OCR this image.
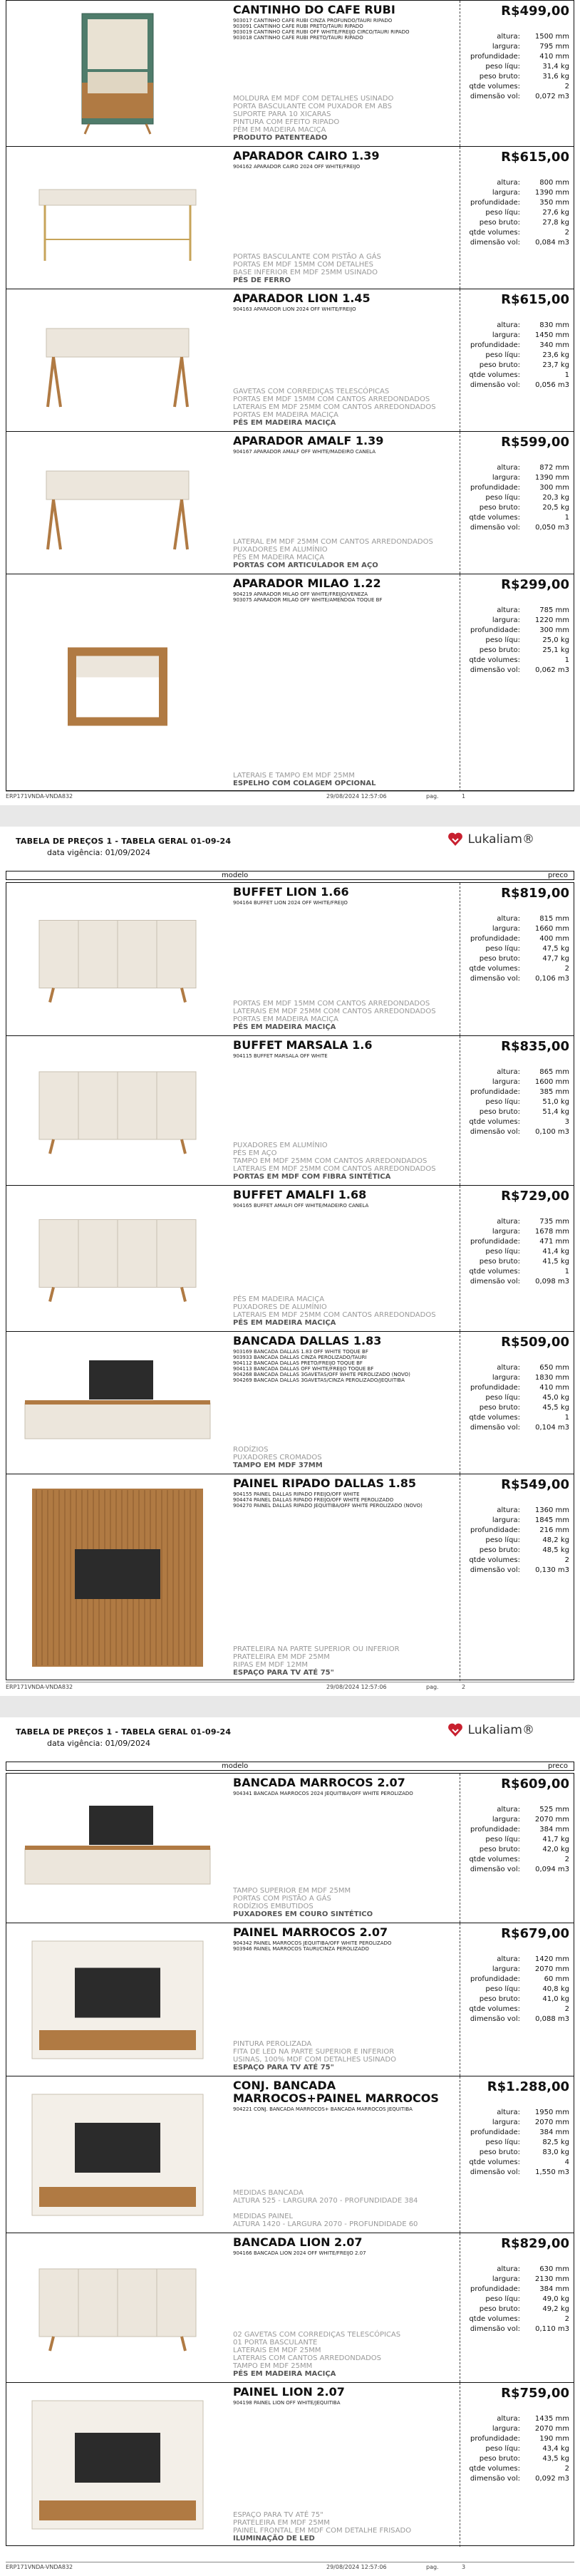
CANTINHO DO CAFE RUBI
903017 CANTINHO CAFE RUBI CINZA PROFUNDO/TAURI RIPADO
903091 CANTINHO CAFE RUBI PRETO/TAURI RIPADO
903019 CANTINHO CAFE RUBI OFF WHITE/FREIJO CIRCO/TAURI RIPADO
903018 CANTINHO CAFE RUBI PRETO/TAURI RIPADO
MOLDURA EM MDF COM DETALHES USINADO
PORTA BASCULANTE COM PUXADOR EM ABS
SUPORTE PARA 10 XICARAS
PINTURA COM EFEITO RIPADO
PÉM EM MADEIRA MACIÇA
PRODUTO PATENTEADO
R$499,00
altura:	1500 mm
largura:	795 mm
profundidade:	410 mm
peso líqu:	31,4 kg
peso bruto:	31,6 kg
qtde volumes:	2
dimensão vol:	0,072 m3
APARADOR CAIRO 1.39
904162 APARADOR CAIRO 2024 OFF WHITE/FREIJO
PORTAS BASCULANTE COM PISTÃO A GÁS
PORTAS EM MDF 15MM COM DETALHES
BASE INFERIOR EM MDF 25MM USINADO
PÉS DE FERRO
R$615,00
altura:	800 mm
largura:	1390 mm
profundidade:	350 mm
peso líqu:	27,6 kg
peso bruto:	27,8 kg
qtde volumes:	2
dimensão vol:	0,084 m3
APARADOR LION 1.45
904163 APARADOR LION 2024 OFF WHITE/FREIJO
GAVETAS COM CORREDIÇAS TELESCÓPICAS
PORTAS EM MDF 15MM COM CANTOS ARREDONDADOS
LATERAIS EM MDF 25MM COM CANTOS ARREDONDADOS
PORTAS EM MADEIRA MACIÇA
PÉS EM MADEIRA MACIÇA
R$615,00
altura:	830 mm
largura:	1450 mm
profundidade:	340 mm
peso líqu:	23,6 kg
peso bruto:	23,7 kg
qtde volumes:	1
dimensão vol:	0,056 m3
APARADOR AMALF 1.39
904167 APARADOR AMALF OFF WHITE/MADEIRO CANELA
LATERAL EM MDF 25MM COM CANTOS ARREDONDADOS
PUXADORES EM ALUMÍNIO
PÉS EM MADEIRA MACIÇA
PORTAS COM ARTICULADOR EM AÇO
R$599,00
altura:	872 mm
largura:	1390 mm
profundidade:	300 mm
peso líqu:	20,3 kg
peso bruto:	20,5 kg
qtde volumes:	1
dimensão vol:	0,050 m3
APARADOR MILAO 1.22
904219 APARADOR MILAO OFF WHITE/FREIJO/VENEZA
903075 APARADOR MILAO OFF WHITE/AMENDOA TOQUE BF
LATERAIS E TAMPO EM MDF 25MM
ESPELHO COM COLAGEM OPCIONAL
R$299,00
altura:	785 mm
largura:	1220 mm
profundidade:	300 mm
peso líqu:	25,0 kg
peso bruto:	25,1 kg
qtde volumes:	1
dimensão vol:	0,062 m3
ERP171VNDA-VNDA832	29/08/2024 12:57:06	pag.	1
TABELA DE PREÇOS 1 - TABELA GERAL 01-09-24
data vigência: 01/09/2024
Lukaliam®
modelo	preco
BUFFET LION 1.66
904164 BUFFET LION 2024 OFF WHITE/FREIJO
PORTAS EM MDF 15MM COM CANTOS ARREDONDADOS
LATERAIS EM MDF 25MM COM CANTOS ARREDONDADOS
PORTAS EM MADEIRA MACIÇA
PÉS EM MADEIRA MACIÇA
R$819,00
altura:	815 mm
largura:	1660 mm
profundidade:	400 mm
peso líqu:	47,5 kg
peso bruto:	47,7 kg
qtde volumes:	2
dimensão vol:	0,106 m3
BUFFET MARSALA 1.6
904115 BUFFET MARSALA OFF WHITE
PUXADORES EM ALUMÍNIO
PÉS EM AÇO
TAMPO EM MDF 25MM COM CANTOS ARREDONDADOS
LATERAIS EM MDF 25MM COM CANTOS ARREDONDADOS
PORTAS EM MDF COM FIBRA SINTÉTICA
R$835,00
altura:	865 mm
largura:	1600 mm
profundidade:	385 mm
peso líqu:	51,0 kg
peso bruto:	51,4 kg
qtde volumes:	3
dimensão vol:	0,100 m3
BUFFET AMALFI 1.68
904165 BUFFET AMALFI OFF WHITE/MADEIRO CANELA
PÉS EM MADEIRA MACIÇA
PUXADORES DE ALUMÍNIO
LATERAIS EM MDF 25MM COM CANTOS ARREDONDADOS
PÉS EM MADEIRA MACIÇA
R$729,00
altura:	735 mm
largura:	1678 mm
profundidade:	471 mm
peso líqu:	41,4 kg
peso bruto:	41,5 kg
qtde volumes:	1
dimensão vol:	0,098 m3
BANCADA DALLAS 1.83
903169 BANCADA DALLAS 1.83 OFF WHITE TOQUE BF
903933 BANCADA DALLAS CINZA PEROLIZADO/TAURI
904112 BANCADA DALLAS PRETO/FREIJO TOQUE BF
904113 BANCADA DALLAS OFF WHITE/FREIJO TOQUE BF
904268 BANCADA DALLAS 3GAVETAS/OFF WHITE PEROLIZADO (NOVO)
904269 BANCADA DALLAS 3GAVETAS/CINZA PEROLIZADO/JEQUITIBA
RODÍZIOS
PUXADORES CROMADOS
TAMPO EM MDF 37MM
R$509,00
altura:	650 mm
largura:	1830 mm
profundidade:	410 mm
peso líqu:	45,0 kg
peso bruto:	45,5 kg
qtde volumes:	1
dimensão vol:	0,104 m3
PAINEL RIPADO DALLAS 1.85
904155 PAINEL DALLAS RIPADO FREIJO/OFF WHITE
904474 PAINEL DALLAS RIPADO FREIJO/OFF WHITE PEROLIZADO
904270 PAINEL DALLAS RIPADO JEQUITIBA/OFF WHITE PEROLIZADO (NOVO)
PRATELEIRA NA PARTE SUPERIOR OU INFERIOR
PRATELEIRA EM MDF 25MM
RIPAS EM MDF 12MM
ESPAÇO PARA TV ATÉ 75"
R$549,00
altura:	1360 mm
largura:	1845 mm
profundidade:	216 mm
peso líqu:	48,2 kg
peso bruto:	48,5 kg
qtde volumes:	2
dimensão vol:	0,130 m3
ERP171VNDA-VNDA832	29/08/2024 12:57:06	pag.	2
TABELA DE PREÇOS 1 - TABELA GERAL 01-09-24
data vigência: 01/09/2024
Lukaliam®
modelo	preco
BANCADA MARROCOS 2.07
904341 BANCADA MARROCOS 2024 JEQUITIBA/OFF WHITE PEROLIZADO
TAMPO SUPERIOR EM MDF 25MM
PORTAS COM PISTÃO A GÁS
RODÍZIOS EMBUTIDOS
PUXADORES EM COURO SINTÉTICO
R$609,00
altura:	525 mm
largura:	2070 mm
profundidade:	384 mm
peso líqu:	41,7 kg
peso bruto:	42,0 kg
qtde volumes:	2
dimensão vol:	0,094 m3
PAINEL MARROCOS 2.07
904342 PAINEL MARROCOS JEQUITIBA/OFF WHITE PEROLIZADO
903946 PAINEL MARROCOS TAURI/CINZA PEROLIZADO
PINTURA PEROLIZADA
FITA DE LED NA PARTE SUPERIOR E INFERIOR
USINAS, 100% MDF COM DETALHES USINADO
ESPAÇO PARA TV ATÉ 75"
R$679,00
altura:	1420 mm
largura:	2070 mm
profundidade:	60 mm
peso líqu:	40,8 kg
peso bruto:	41,0 kg
qtde volumes:	2
dimensão vol:	0,088 m3
CONJ. BANCADA MARROCOS+PAINEL MARROCOS
904221 CONJ. BANCADA MARROCOS+ BANCADA MARROCOS JEQUITIBA
MEDIDAS BANCADA
ALTURA 525 - LARGURA 2070 - PROFUNDIDADE 384

MEDIDAS PAINEL
ALTURA 1420 - LARGURA 2070 - PROFUNDIDADE 60
R$1.288,00
altura:	1950 mm
largura:	2070 mm
profundidade:	384 mm
peso líqu:	82,5 kg
peso bruto:	83,0 kg
qtde volumes:	4
dimensão vol:	1,550 m3
BANCADA LION 2.07
904166 BANCADA LION 2024 OFF WHITE/FREIJO 2.07
02 GAVETAS COM CORREDIÇAS TELESCÓPICAS
01 PORTA BASCULANTE
LATERAIS EM MDF 25MM
LATERAIS COM CANTOS ARREDONDADOS
TAMPO EM MDF 25MM
PÉS EM MADEIRA MACIÇA
R$829,00
altura:	630 mm
largura:	2130 mm
profundidade:	384 mm
peso líqu:	49,0 kg
peso bruto:	49,2 kg
qtde volumes:	2
dimensão vol:	0,110 m3
PAINEL LION 2.07
904198 PAINEL LION OFF WHITE/JEQUITIBA
ESPAÇO PARA TV ATÉ 75"
PRATELEIRA EM MDF 25MM
PAINEL FRONTAL EM MDF COM DETALHE FRISADO
ILUMINAÇÃO DE LED
R$759,00
altura:	1435 mm
largura:	2070 mm
profundidade:	190 mm
peso líqu:	43,4 kg
peso bruto:	43,5 kg
qtde volumes:	2
dimensão vol:	0,092 m3
ERP171VNDA-VNDA832	29/08/2024 12:57:06	pag.	3
